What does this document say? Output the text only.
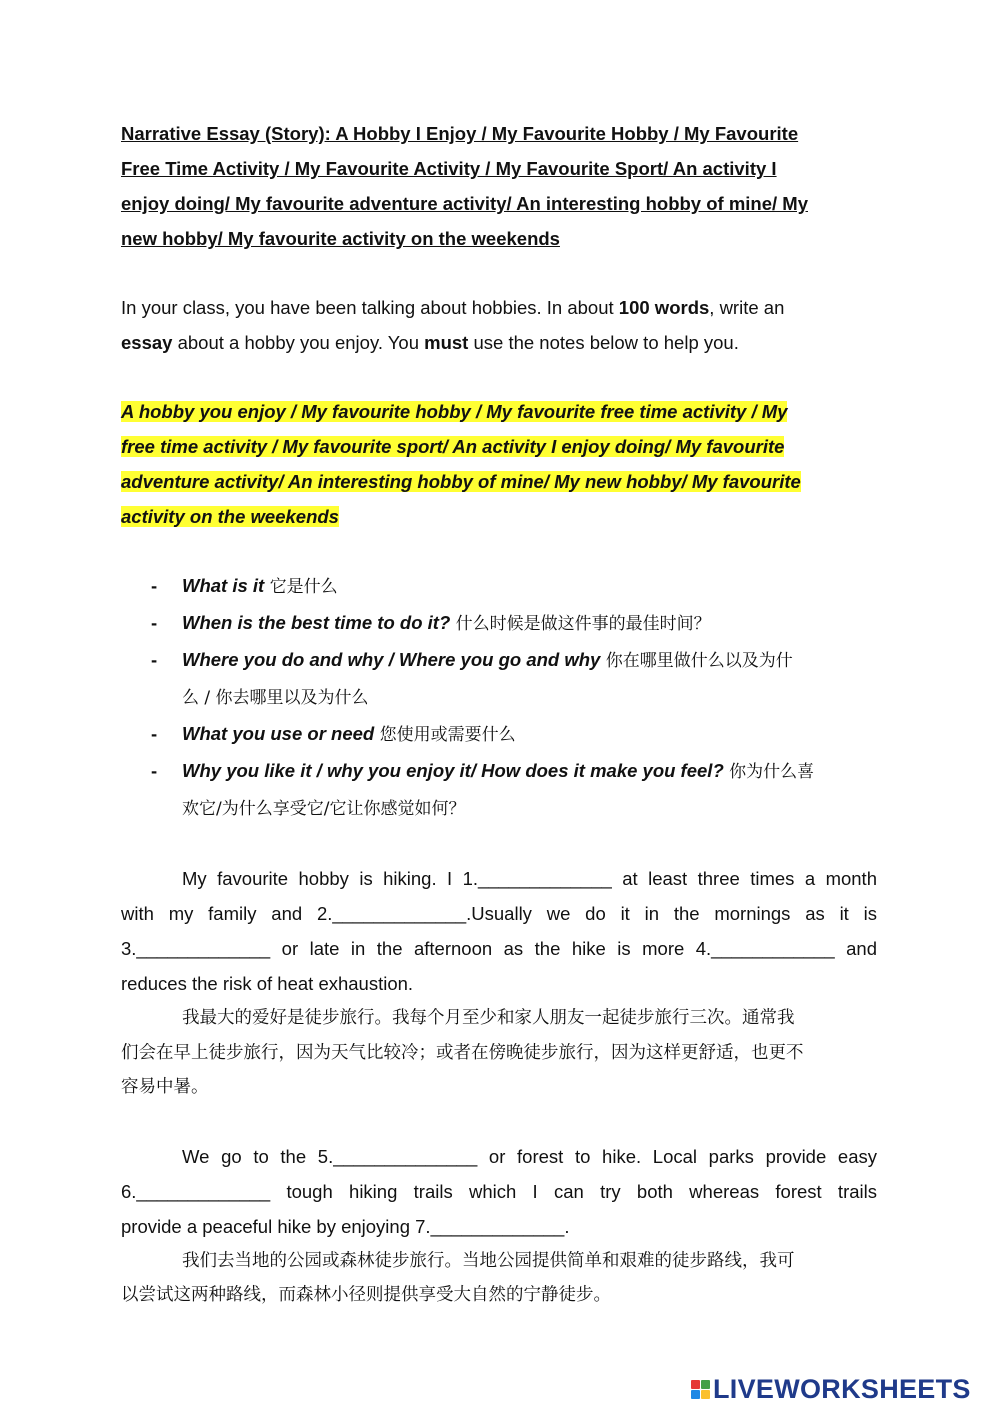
Narrative Essay (Story): A Hobby I Enjoy / My Favourite Hobby / My Favourite

Free Time Activity / My Favourite Activity / My Favourite Sport/ An activity I

enjoy doing/ My favourite adventure activity/ An interesting hobby of mine/ My

new hobby/ My favourite activity on the weekends

In your class, you have been talking about hobbies. In about 100 words, write an

essay about a hobby you enjoy. You must use the notes below to help you.

A hobby you enjoy / My favourite hobby / My favourite free time activity / My

free time activity / My favourite sport/ An activity I enjoy doing/ My favourite

adventure activity/ An interesting hobby of mine/ My new hobby/ My favourite

activity on the weekends

- What is it 它是什么
- When is the best time to do it? 什么时候是做这件事的最佳时间？
- Where you do and why / Where you go and why 你在哪里做什么以及为什
么 / 你去哪里以及为什么
- What you use or need 您使用或需要什么
- Why you like it / why you enjoy it/ How does it make you feel? 你为什么喜
欢它/为什么享受它/它让你感觉如何？

My favourite hobby is hiking. I 1._____________ at least three times a month

with my family and 2._____________.Usually we do it in the mornings as it is

3._____________ or late in the afternoon as the hike is more 4.____________ and

reduces the risk of heat exhaustion.

我最大的爱好是徒步旅行。我每个月至少和家人朋友一起徒步旅行三次。通常我

们会在早上徒步旅行，因为天气比较冷；或者在傍晚徒步旅行，因为这样更舒适，也更不

容易中暑。

We go to the 5.______________ or forest to hike. Local parks provide easy

6._____________ tough hiking trails which I can try both whereas forest trails

provide a peaceful hike by enjoying 7._____________.

我们去当地的公园或森林徒步旅行。当地公园提供简单和艰难的徒步路线，我可

以尝试这两种路线，而森林小径则提供享受大自然的宁静徒步。

LIVEWORKSHEETS
